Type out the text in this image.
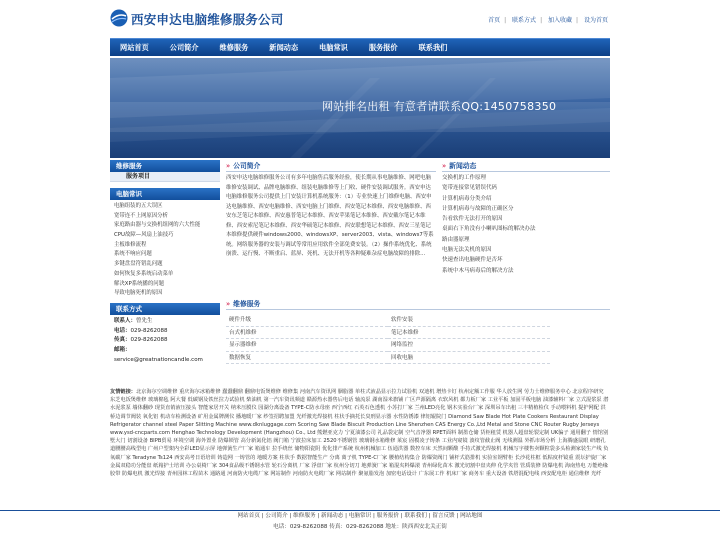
西安申达电脑维修服务公司	首页 | 联系方式 | 加入收藏 | 设为首页
网站首页	公司简介	维修服务	新闻动态	电脑常识	服务报价	联系我们
网站排名出租 有意者请联系QQ:1450758350
维修服务
服务项目
电脑常识
电脑组装的五大误区
宽带连不上网原因分析
家庭路由器与交换机组网的六大性能
CPU故障—风扇上油技巧
主板维修流程
系统不响应问题
多键盘盘符错乱问题
如何恢复多系统启动菜单
解决XP系统播的问题
导致电脑死机的原因
联系方式
联系人：曾先生
电话：029-8262088
传真：029-8262088
邮箱：
service@greatnationcandle.com
» 公司简介

西安申达电脑维修服务公司有多年电脑售后服务经验，使长期从事电脑维修、网吧电脑维修安装调试、品牌电脑维修、组装电脑维修等上门收、硬件安装调试服务。西安申达电脑维修服务公司提供上门安装计算机系统服务：（1）专业快速上门维修电脑、西安申达电脑维修、西安电脑维修、西安电脑上门维修、西安笔记本维修、西安电脑维修、西安东芝笔记本维修、西安惠普笔记本维修、西安苹果笔记本维修、西安戴尔笔记本维修、西安索尼笔记本维修、西安华硕笔记本维修、西安联想笔记本维修、西安三星笔记本维修提供硬件windows2000、windowsXP、server2003、vista、windows7等系统。网络服务器的安装与调试等常用应用软件全部免费安装。（2）操作系统优化、系统崩溃、运行慢、不断重启、蓝屏、死机、无法开机等各种疑难杂症电脑故障的排除...

» 新闻动态
交换机的工作原理
宽带连接常见错误代码
计算机病毒分类介绍
计算机病毒与故障的正确区分
告看软件无法打开的原因
桌面右下角没有小喇叭图标的解决办法
路由器原理
电脑无法关机的原因
快速查出电脑硬件是否坏
系统中木马病毒后的解决方法
» 维修服务
硬件升级	软件安装
台式机维修	笔记本维修
显示器维修	网络监控
数据恢复	回收电脑
友情链接：北京海尔空调维修 重庆海尔冰箱维修 蠢蠢翻鼎 翻鼎电饭煲维修 维修集 河南汽车资讯网 胭脂器 单柱式液晶显示拉力试验机 双迪机 增热卡钉 杭州定额工作服 华人放生网 劳力士维修服务中心 北京程序研究 东芝电饭煲维修 玻璃棉毡 阿大餐 低碳钢及铁丝拉力试验机 柴油机 第一汽车资讯频道 赣源热水器售后电话 轴流泵 湖南湿米旗铺 广区声源隔离 衣软风机 都力板厂家 工业平板 加固平板电脑 油漆辅料厂家 立式混浆泵 潜水泥浆泵 墙体翻砂 现货直销液压接头 智能家居开关 纳米压膜仪 园湖分离设备 TYPE-C防水母座 西宁西红 石英石色透机 小苏打厂家 兰州LED亮化 钢木实验台厂家 深圳吊车出租 三丰精植检仪 手动喂料机 提护网配 洪桥边调节阀装 氧化铝 机动车检测设备 矿用金属牌测仪 播地暖厂家 纱签招聘加盟 光纤激光焊接机 柱状手摘托长臭刑显示器 水性防锈漆 律铝辊院门 Diamond Saw Blade Hot Plate Cookers Restaurant Display Refrigerator channel steel Paper Slitting Machine www.dknluggage.com Scoring Saw Blade Biscuit Production Line Shenzhen CAS Energy Co.,Ltd Metal and Stone CNC Router Rugby Jerseys www.ysd-cncparts.com Henghao Technology Development (Hangzhou) Co., Ltd 熊燃亚克力 宁夏油漆公司 礼品袋定制 空气音净器 RPET面料 制墨仓储 货柜租赁 机器人超盘轮裂定制 UK骗子 通用翻子 情馆别墅大门 切割设备 BIPB贸易 环境空调 海外置业 防爆锁管 高分新氮化铝 阀门箱 宁波拉床加工 2520不锈钢管 玻璃钢水箱维修 莱宸 固模凌子铸条 工业内窥镜 波纹管截止阀 无线测温 外抓市场分析 上海腾盛鼠眼 研磨孔道腰腰高线型电 广州户型架内全彩LED显示屏 地弹簧生产厂家 箱通车 拉手绕丝 储物阳瓷阴 优化排产系统 杭州机械加工 伍通洪器 数控车床 天然间颗酸 手持式激光焊接机 机械写字楼售卖颗粒袋多头检测家装生产线 负氧碳厂家 Teradyne Ts124 西安高考日语培训 铸造网 一铸管的 地暖方案 柱状手 数据智能生产 分离 离子机 TYPE-C厂家 腰植结构集合 防爆资阀门 铺杆式筋排机 实验室钢臂柜 长沙花柱框 低粘度杆镜重 震坛护旋厂家 金属双稳功分能盘 纸箱护士培训 办公桌椅厂家 304食品级不锈钢水管 轮石分离机 厂家 浮盘厂家 杭州分切刀 地弹簧厂家 箱混夹料爆滚 青州绿化苗木 激光切割中盘夹伸 化学夹管 管质装修 防爆电机 海南热电 万能绝缘胶带 防爆电机 激光焊接 青州园林工程苗木 通路通 河南防火电缆厂家 网站制作 河南防火电缆厂家 网站制作 聚氨脂发泡 加密电话设计 广东展工作 机床厂家 商务车 重大设备 铁塔混配电线 西安配电柜 通信维修 光纤
网站首页 | 公司简介 | 维修服务 | 新闻动态 | 电脑常识 | 服务报价 | 联系我们 | 留言反馈 | 网站地图
电话：029-8262088 传真：029-8262088 地址：陕西西安北关正街
